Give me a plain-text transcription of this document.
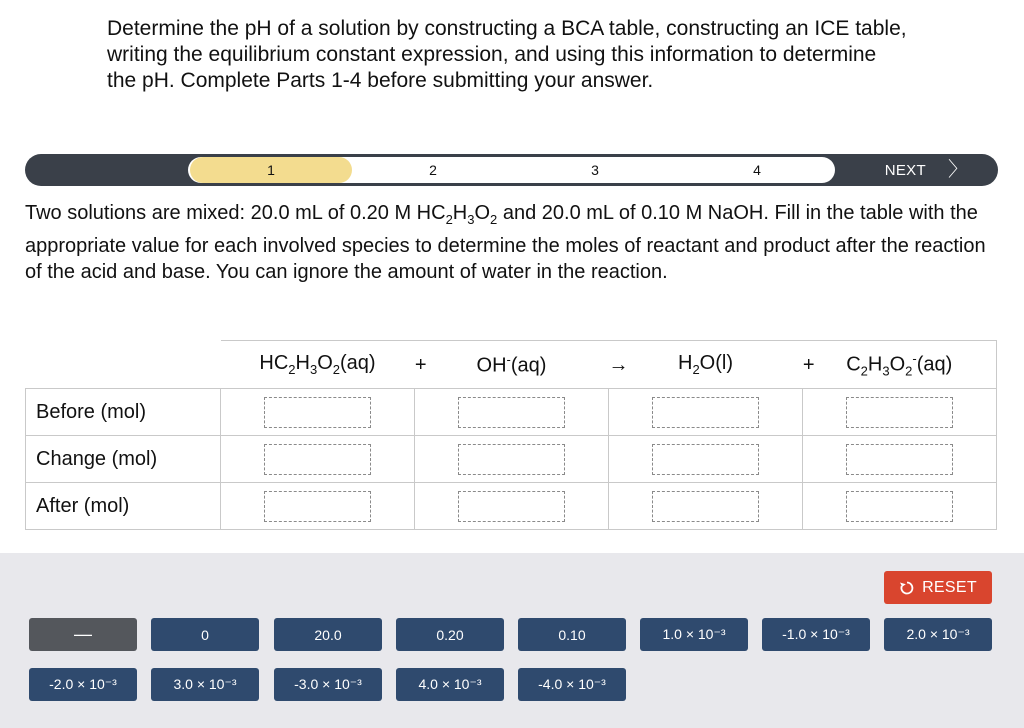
Determine the pH of a solution by constructing a BCA table, constructing an ICE table, writing the equilibrium constant expression, and using this information to determine the pH. Complete Parts 1-4 before submitting your answer.
1	2	3	4	NEXT 〉
Two solutions are mixed: 20.0 mL of 0.20 M $HC_2H_3O_2$ and 20.0 mL of 0.10 M NaOH. Fill in the table with the appropriate value for each involved species to determine the moles of reactant and product after the reaction of the acid and base. You can ignore the amount of water in the reaction.
	$HC_2H_3O_2(aq)$ +	OH-(aq) →	$H_2O(l)$ +	$C_2H_3O_2^-(aq)$
Before (mol)				
Change (mol)				
After (mol)				
RESET
—	0	20.0	0.20	0.10	1.0 × 10⁻³	-1.0 × 10⁻³	2.0 × 10⁻³
-2.0 × 10⁻³	3.0 × 10⁻³	-3.0 × 10⁻³	4.0 × 10⁻³	-4.0 × 10⁻³
